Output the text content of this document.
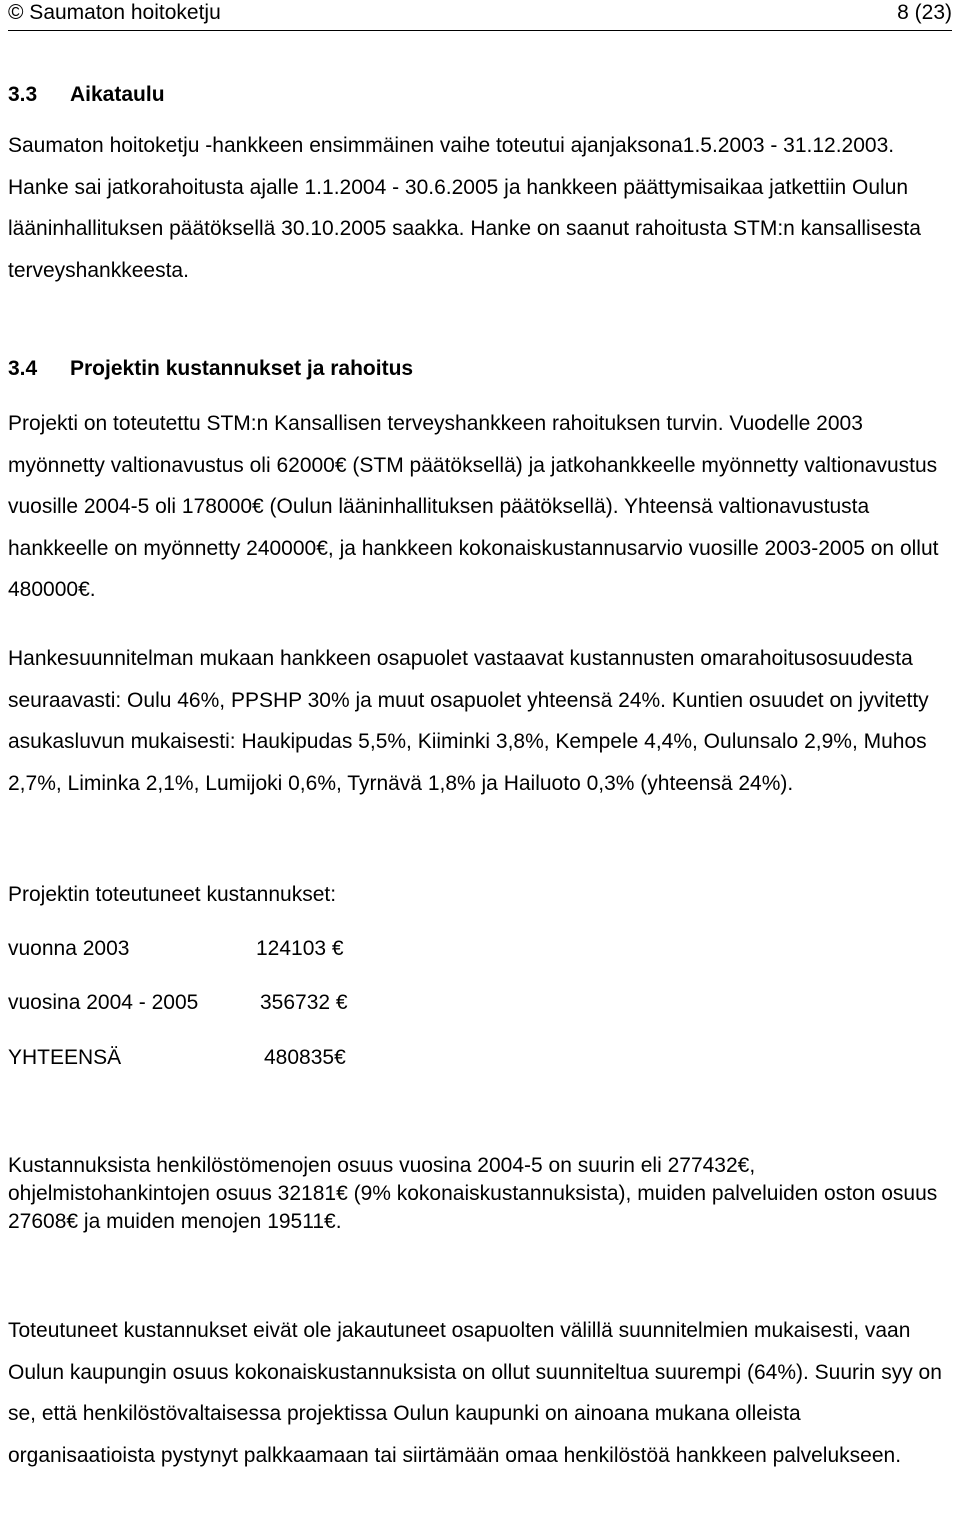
© Saumaton hoitoketju	8 (23)
3.3 Aikataulu

Saumaton hoitoketju -hankkeen ensimmäinen vaihe toteutui ajanjaksona1.5.2003 - 31.12.2003. Hanke sai jatkorahoitusta ajalle 1.1.2004 - 30.6.2005 ja hankkeen päättymisaikaa jatkettiin Oulun lääninhallituksen päätöksellä 30.10.2005 saakka. Hanke on saanut rahoitusta STM:n kansallisesta terveyshankkeesta.

3.4 Projektin kustannukset ja rahoitus

Projekti on toteutettu STM:n Kansallisen terveyshankkeen rahoituksen turvin. Vuodelle 2003 myönnetty valtionavustus oli 62000€ (STM päätöksellä) ja jatkohankkeelle myönnetty valtionavustus vuosille 2004-5 oli 178000€ (Oulun lääninhallituksen päätöksellä). Yhteensä valtionavustusta hankkeelle on myönnetty 240000€, ja hankkeen kokonaiskustannusarvio vuosille 2003-2005 on ollut 480000€.

Hankesuunnitelman mukaan hankkeen osapuolet vastaavat kustannusten omarahoitusosuudesta seuraavasti: Oulu 46%, PPSHP 30% ja muut osapuolet yhteensä 24%. Kuntien osuudet on jyvitetty asukasluvun mukaisesti: Haukipudas 5,5%, Kiiminki 3,8%, Kempele 4,4%, Oulunsalo 2,9%, Muhos 2,7%, Liminka 2,1%, Lumijoki 0,6%, Tyrnävä 1,8% ja Hailuoto 0,3% (yhteensä 24%).

Projektin toteutuneet kustannukset:

vuonna 2003	124103 €
vuosina 2004 - 2005	356732 €
YHTEENSÄ	480835€

Kustannuksista henkilöstömenojen osuus vuosina 2004-5 on suurin eli 277432€, ohjelmistohankintojen osuus 32181€ (9% kokonaiskustannuksista), muiden palveluiden oston osuus 27608€ ja muiden menojen 19511€.

Toteutuneet kustannukset eivät ole jakautuneet osapuolten välillä suunnitelmien mukaisesti, vaan Oulun kaupungin osuus kokonaiskustannuksista on ollut suunniteltua suurempi (64%). Suurin syy on se, että henkilöstövaltaisessa projektissa Oulun kaupunki on ainoana mukana olleista organisaatioista pystynyt palkkaamaan tai siirtämään omaa henkilöstöä hankkeen palvelukseen.
